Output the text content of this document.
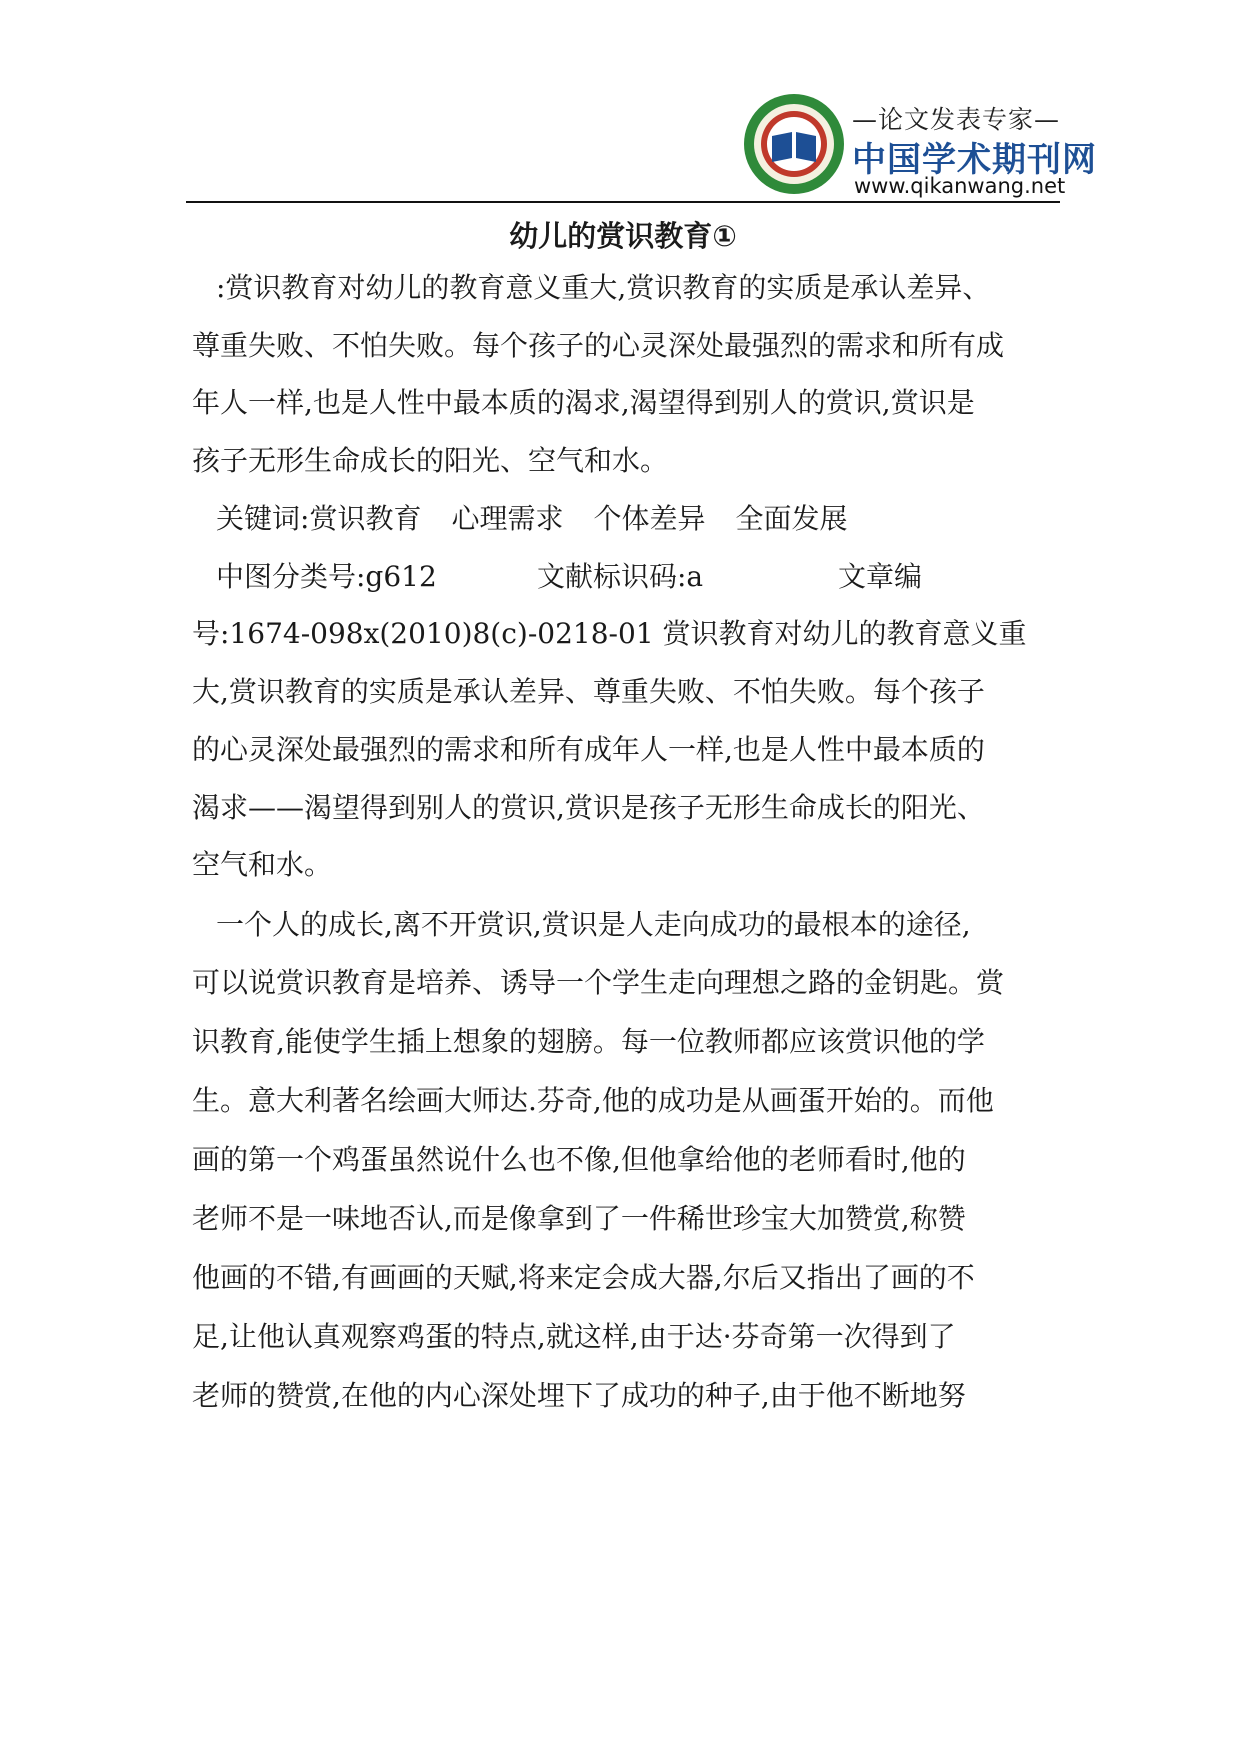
—论文发表专家—
中国学术期刊网
www.qikanwang.net
幼儿的赏识教育①
:赏识教育对幼儿的教育意义重大,赏识教育的实质是承认差异、
尊重失败、不怕失败。每个孩子的心灵深处最强烈的需求和所有成
年人一样,也是人性中最本质的渴求,渴望得到别人的赏识,赏识是
孩子无形生命成长的阳光、空气和水。
关键词:赏识教育 心理需求 个体差异 全面发展
中图分类号:g612	文献标识码:a	文章编
号:1674-098x(2010)8(c)-0218-01 赏识教育对幼儿的教育意义重
大,赏识教育的实质是承认差异、尊重失败、不怕失败。每个孩子
的心灵深处最强烈的需求和所有成年人一样,也是人性中最本质的
渴求——渴望得到别人的赏识,赏识是孩子无形生命成长的阳光、
空气和水。
一个人的成长,离不开赏识,赏识是人走向成功的最根本的途径,
可以说赏识教育是培养、诱导一个学生走向理想之路的金钥匙。赏
识教育,能使学生插上想象的翅膀。每一位教师都应该赏识他的学
生。意大利著名绘画大师达.芬奇,他的成功是从画蛋开始的。而他
画的第一个鸡蛋虽然说什么也不像,但他拿给他的老师看时,他的
老师不是一味地否认,而是像拿到了一件稀世珍宝大加赞赏,称赞
他画的不错,有画画的天赋,将来定会成大器,尔后又指出了画的不
足,让他认真观察鸡蛋的特点,就这样,由于达·芬奇第一次得到了
老师的赞赏,在他的内心深处埋下了成功的种子,由于他不断地努
